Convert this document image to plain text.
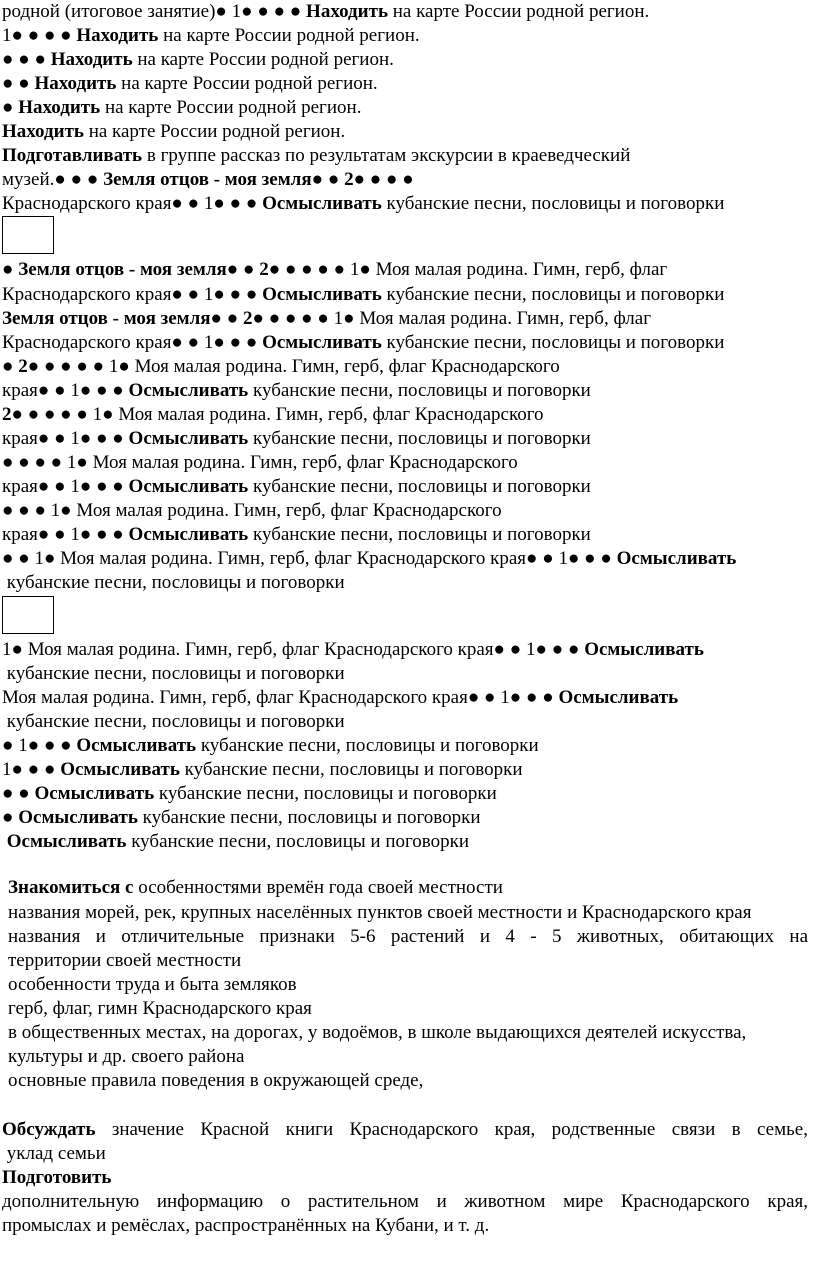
родной (итоговое занятие)● 1● ● ● ● Находить на карте России родной регион.
1● ● ● ● Находить на карте России родной регион.
● ● ● Находить на карте России родной регион.
● ● Находить на карте России родной регион.
● Находить на карте России родной регион.
Находить на карте России родной регион.
Подготавливать в группе рассказ по результатам экскурсии в краеведческий
музей.● ● ● Земля отцов - моя земля● ● 2● ● ● ●
Краснодарского края● ● 1● ● ● Осмысливать кубанские песни, пословицы и поговорки
● Земля отцов - моя земля● ● 2● ● ● ● ● 1● Моя малая родина. Гимн, герб, флаг
Краснодарского края● ● 1● ● ● Осмысливать кубанские песни, пословицы и поговорки
Земля отцов - моя земля● ● 2● ● ● ● ● 1● Моя малая родина. Гимн, герб, флаг
Краснодарского края● ● 1● ● ● Осмысливать кубанские песни, пословицы и поговорки
● 2● ● ● ● ● 1● Моя малая родина. Гимн, герб, флаг Краснодарского
края● ● 1● ● ● Осмысливать кубанские песни, пословицы и поговорки
2● ● ● ● ● 1● Моя малая родина. Гимн, герб, флаг Краснодарского
края● ● 1● ● ● Осмысливать кубанские песни, пословицы и поговорки
● ● ● ● 1● Моя малая родина. Гимн, герб, флаг Краснодарского
края● ● 1● ● ● Осмысливать кубанские песни, пословицы и поговорки
● ● ● 1● Моя малая родина. Гимн, герб, флаг Краснодарского
края● ● 1● ● ● Осмысливать кубанские песни, пословицы и поговорки
● ● 1● Моя малая родина. Гимн, герб, флаг Краснодарского края● ● 1● ● ● Осмысливать
кубанские песни, пословицы и поговорки
1● Моя малая родина. Гимн, герб, флаг Краснодарского края● ● 1● ● ● Осмысливать
кубанские песни, пословицы и поговорки
Моя малая родина. Гимн, герб, флаг Краснодарского края● ● 1● ● ● Осмысливать
кубанские песни, пословицы и поговорки
● 1● ● ● Осмысливать кубанские песни, пословицы и поговорки
1● ● ● Осмысливать кубанские песни, пословицы и поговорки
● ● Осмысливать кубанские песни, пословицы и поговорки
● Осмысливать кубанские песни, пословицы и поговорки
Осмысливать кубанские песни, пословицы и поговорки
Знакомиться с особенностями времён года своей местности
названия морей, рек, крупных населённых пунктов своей местности и Краснодарского края
названия и отличительные признаки 5-6 растений и 4 - 5 животных, обитающих на
территории своей местности
особенности труда и быта земляков
герб, флаг, гимн Краснодарского края
в общественных местах, на дорогах, у водоёмов, в школе выдающихся деятелей искусства,
культуры и др. своего района
основные правила поведения в окружающей среде,
Обсуждать значение Красной книги Краснодарского края, родственные связи в семье,
уклад семьи
Подготовить
дополнительную информацию о растительном и животном мире Краснодарского края,
промыслах и ремёслах, распространённых на Кубани, и т. д.
